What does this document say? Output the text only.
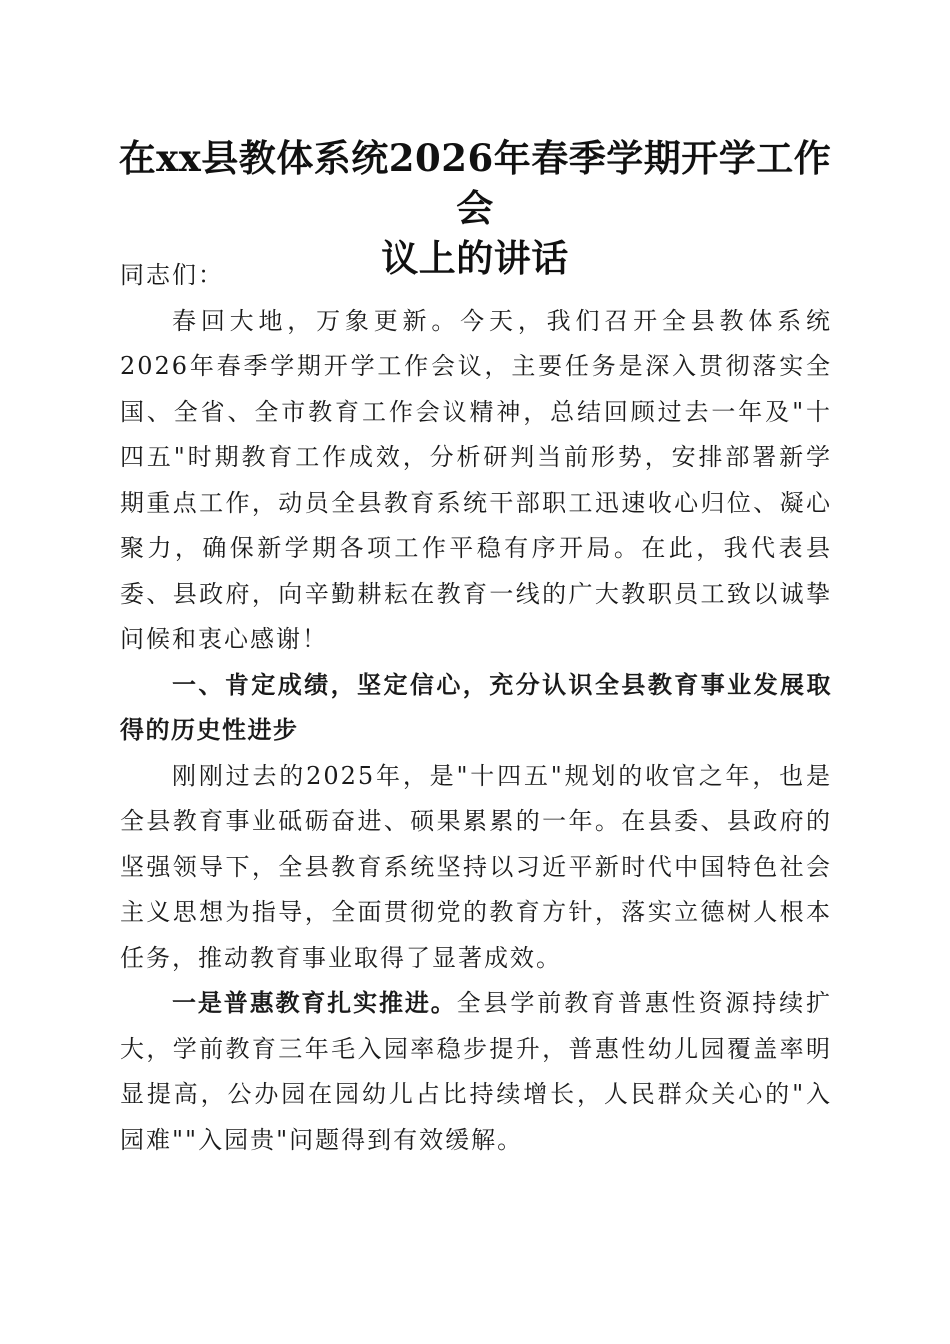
在xx县教体系统2026年春季学期开学工作会
议上的讲话

同志们：

春回大地，万象更新。今天，我们召开全县教体系统2026年春季学期开学工作会议，主要任务是深入贯彻落实全国、全省、全市教育工作会议精神，总结回顾过去一年及"十四五"时期教育工作成效，分析研判当前形势，安排部署新学期重点工作，动员全县教育系统干部职工迅速收心归位、凝心聚力，确保新学期各项工作平稳有序开局。在此，我代表县委、县政府，向辛勤耕耘在教育一线的广大教职员工致以诚挚问候和衷心感谢！

一、肯定成绩，坚定信心，充分认识全县教育事业发展取得的历史性进步

刚刚过去的2025年，是"十四五"规划的收官之年，也是全县教育事业砥砺奋进、硕果累累的一年。在县委、县政府的坚强领导下，全县教育系统坚持以习近平新时代中国特色社会主义思想为指导，全面贯彻党的教育方针，落实立德树人根本任务，推动教育事业取得了显著成效。

一是普惠教育扎实推进。全县学前教育普惠性资源持续扩大，学前教育三年毛入园率稳步提升，普惠性幼儿园覆盖率明显提高，公办园在园幼儿占比持续增长，人民群众关心的"入园难""入园贵"问题得到有效缓解。
